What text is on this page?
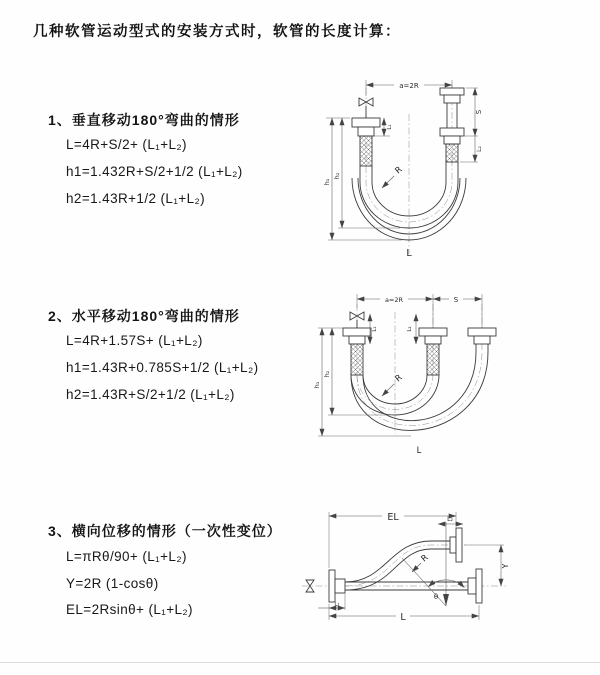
几种软管运动型式的安装方式时，软管的长度计算：
1、垂直移动180°弯曲的情形
L=4R+S/2+ (L₁+L₂)
h1=1.432R+S/2+1/2 (L₁+L₂)
h2=1.43R+1/2 (L₁+L₂)
2、水平移动180°弯曲的情形
L=4R+1.57S+ (L₁+L₂)
h1=1.43R+0.785S+1/2 (L₁+L₂)
h2=1.43R+S/2+1/2 (L₁+L₂)
3、横向位移的情形（一次性变位）
L=πRθ/90+ (L₁+L₂)
Y=2R (1-cosθ)
EL=2Rsinθ+ (L₁+L₂)
a=2R
S
L₂
h₁
h₂
L₁
R
L
a=2R	S
h₁
h₂
L₁	L₂
R
L
EL	L₂
Y
L
L₁
R
θ
